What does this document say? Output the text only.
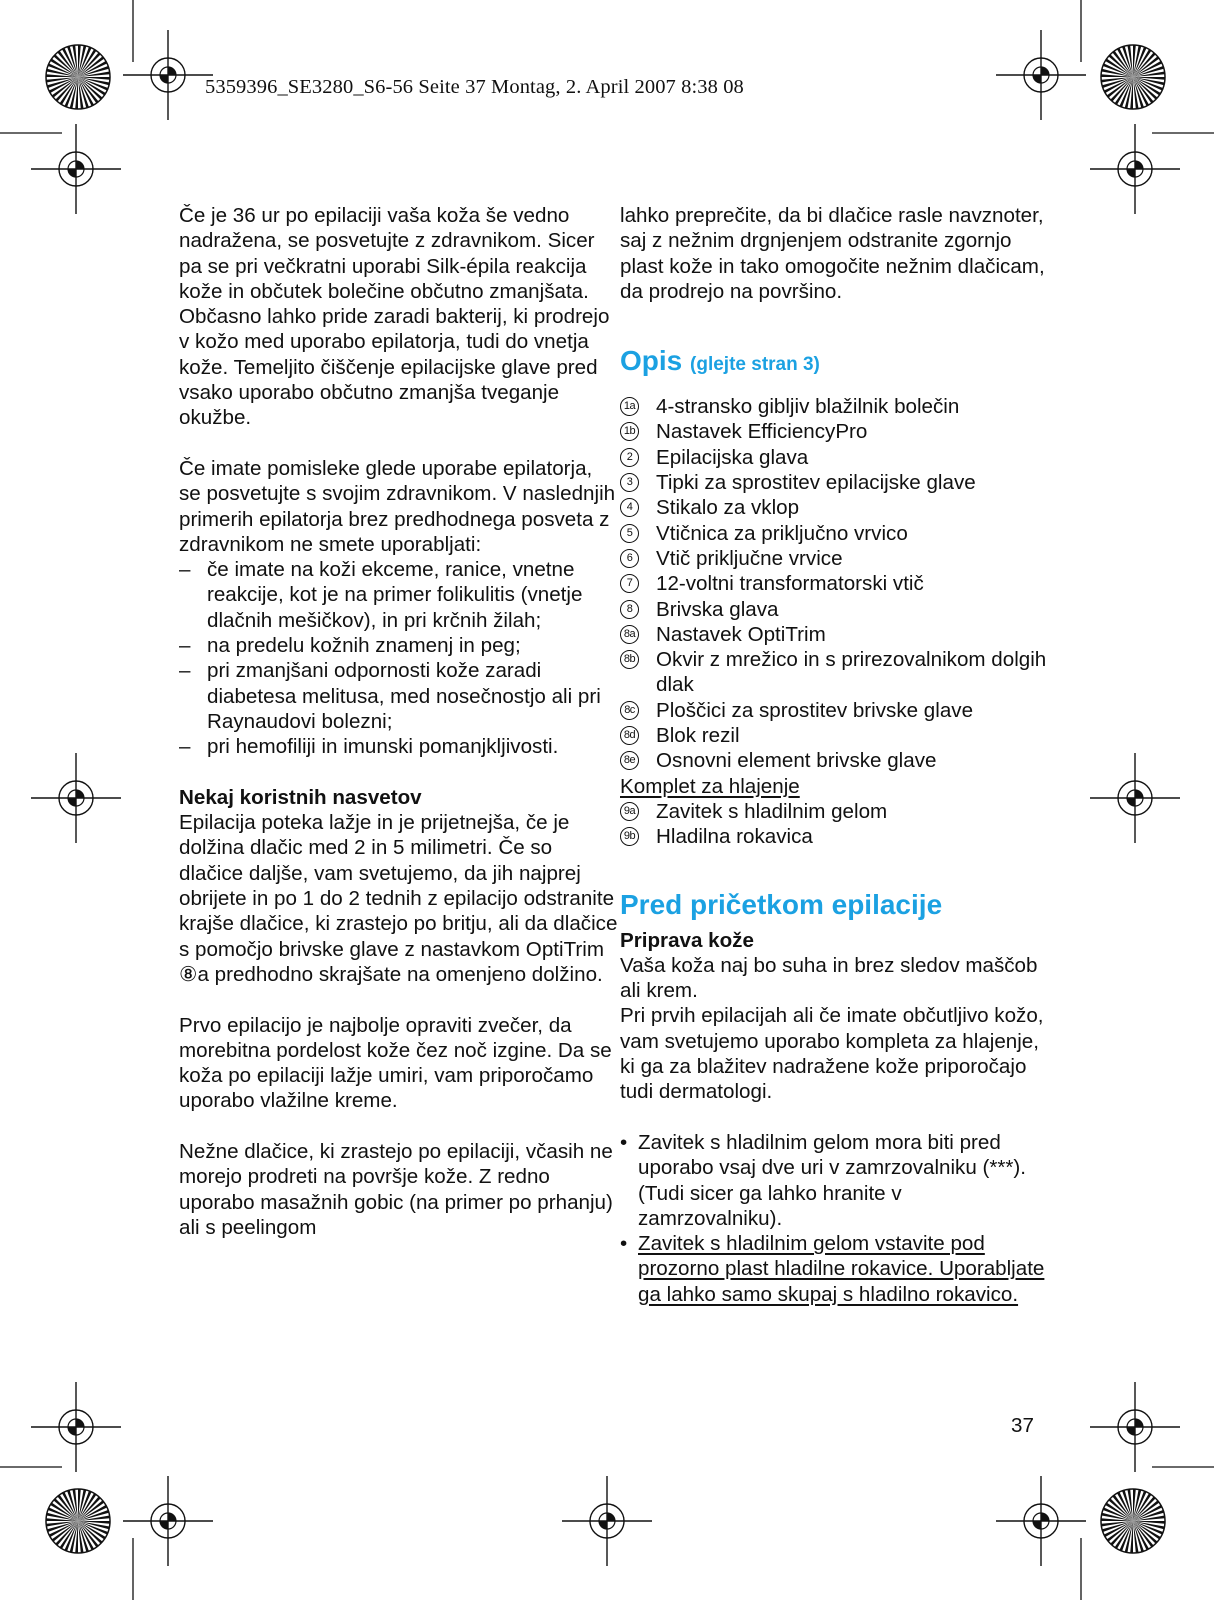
5359396_SE3280_S6-56 Seite 37 Montag, 2. April 2007 8:38 08

Če je 36 ur po epilaciji vaša koža še vedno nadražena, se posvetujte z zdravnikom. Sicer pa se pri večkratni uporabi Silk-épila reakcija kože in občutek bolečine občutno zmanjšata. Občasno lahko pride zaradi bakterij, ki prodrejo v kožo med uporabo epilatorja, tudi do vnetja kože. Temeljito čiščenje epilacijske glave pred vsako uporabo občutno zmanjša tveganje okužbe.

Če imate pomisleke glede uporabe epilatorja, se posvetujte s svojim zdravnikom. V naslednjih primerih epilatorja brez predhodnega posveta z zdravnikom ne smete uporabljati:

– če imate na koži ekceme, ranice, vnetne reakcije, kot je na primer folikulitis (vnetje dlačnih mešičkov), in pri krčnih žilah;
– na predelu kožnih znamenj in peg;
– pri zmanjšani odpornosti kože zaradi diabetesa melitusa, med nosečnostjo ali pri Raynaudovi bolezni;
– pri hemofiliji in imunski pomanjkljivosti.

Nekaj koristnih nasvetov

Epilacija poteka lažje in je prijetnejša, če je dolžina dlačic med 2 in 5 milimetri. Če so dlačice daljše, vam svetujemo, da jih najprej obrijete in po 1 do 2 tednih z epilacijo odstranite krajše dlačice, ki zrastejo po britju, ali da dlačice s pomočjo brivske glave z nastavkom OptiTrim ⑧a predhodno skrajšate na omenjeno dolžino.

Prvo epilacijo je najbolje opraviti zvečer, da morebitna pordelost kože čez noč izgine. Da se koža po epilaciji lažje umiri, vam priporočamo uporabo vlažilne kreme.

Nežne dlačice, ki zrastejo po epilaciji, včasih ne morejo prodreti na površje kože. Z redno uporabo masažnih gobic (na primer po prhanju) ali s peelingom

lahko preprečite, da bi dlačice rasle navznoter, saj z nežnim drgnjenjem odstranite zgornjo plast kože in tako omogočite nežnim dlačicam, da prodrejo na površino.

Opis (glejte stran 3)
1a 4-stransko gibljiv blažilnik bolečin
1b Nastavek EfficiencyPro
2	Epilacijska glava
3	Tipki za sprostitev epilacijske glave
4	Stikalo za vklop
5	Vtičnica za priključno vrvico
6	Vtič priključne vrvice
7	12-voltni transformatorski vtič
8	Brivska glava
8a Nastavek OptiTrim
8b Okvir z mrežico in s prirezovalnikom dolgih dlak
8c Ploščici za sprostitev brivske glave
8d Blok rezil
8e Osnovni element brivske glave

Komplet za hlajenje

9a Zavitek s hladilnim gelom
9b Hladilna rokavica
Pred pričetkom epilacije

Priprava kože

Vaša koža naj bo suha in brez sledov maščob ali krem.

Pri prvih epilacijah ali če imate občutljivo kožo, vam svetujemo uporabo kompleta za hlajenje, ki ga za blažitev nadražene kože priporočajo tudi dermatologi.

• Zavitek s hladilnim gelom mora biti pred uporabo vsaj dve uri v zamrzovalniku (***). (Tudi sicer ga lahko hranite v zamrzovalniku).
• Zavitek s hladilnim gelom vstavite pod prozorno plast hladilne rokavice. Uporabljate ga lahko samo skupaj s hladilno rokavico.
37
